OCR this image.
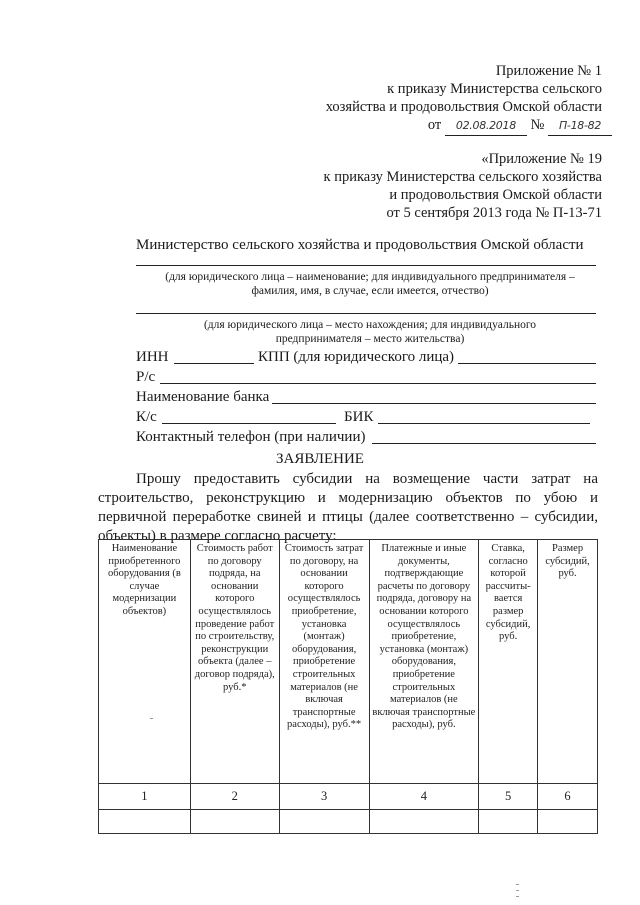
Приложение № 1
к приказу Министерства сельского
хозяйства и продовольствия Омской области
от 02.08.2018 № П-18-82
«Приложение № 19
к приказу Министерства сельского хозяйства
и продовольствия Омской области
от 5 сентября 2013 года № П-13-71
Министерство сельского хозяйства и продовольствия Омской области
(для юридического лица – наименование; для индивидуального предпринимателя – фамилия, имя, в случае, если имеется, отчество)
(для юридического лица – место нахождения; для индивидуального предпринимателя – место жительства)
ИНН	КПП (для юридического лица)
Р/с
Наименование банка
К/с	БИК
Контактный телефон (при наличии)
ЗАЯВЛЕНИЕ
Прошу предоставить субсидии на возмещение части затрат на строительство, реконструкцию и модернизацию объектов по убою и первичной переработке свиней и птицы (далее соответственно – субсидии, объекты) в размере согласно расчету:
Наименование приобретенного оборудования (в случае модернизации объектов)	Стоимость работ по договору подряда, на основании которого осуществлялось проведение работ по строительству, реконструкции объекта (далее – договор подряда), руб.*	Стоимость затрат по договору, на основании которого осуществлялось приобретение, установка (монтаж) оборудования, приобретение строительных материалов (не включая транспортные расходы), руб.**	Платежные и иные документы, подтверждающие расчеты по договору подряда, договору на основании которого осуществлялось приобретение, установка (монтаж) оборудования, приобретение строительных материалов (не включая транспортные расходы), руб.	Ставка, согласно которой рассчиты-вается размер субсидий, руб.	Размер субсидий, руб.
1	2	3	4	5	6
